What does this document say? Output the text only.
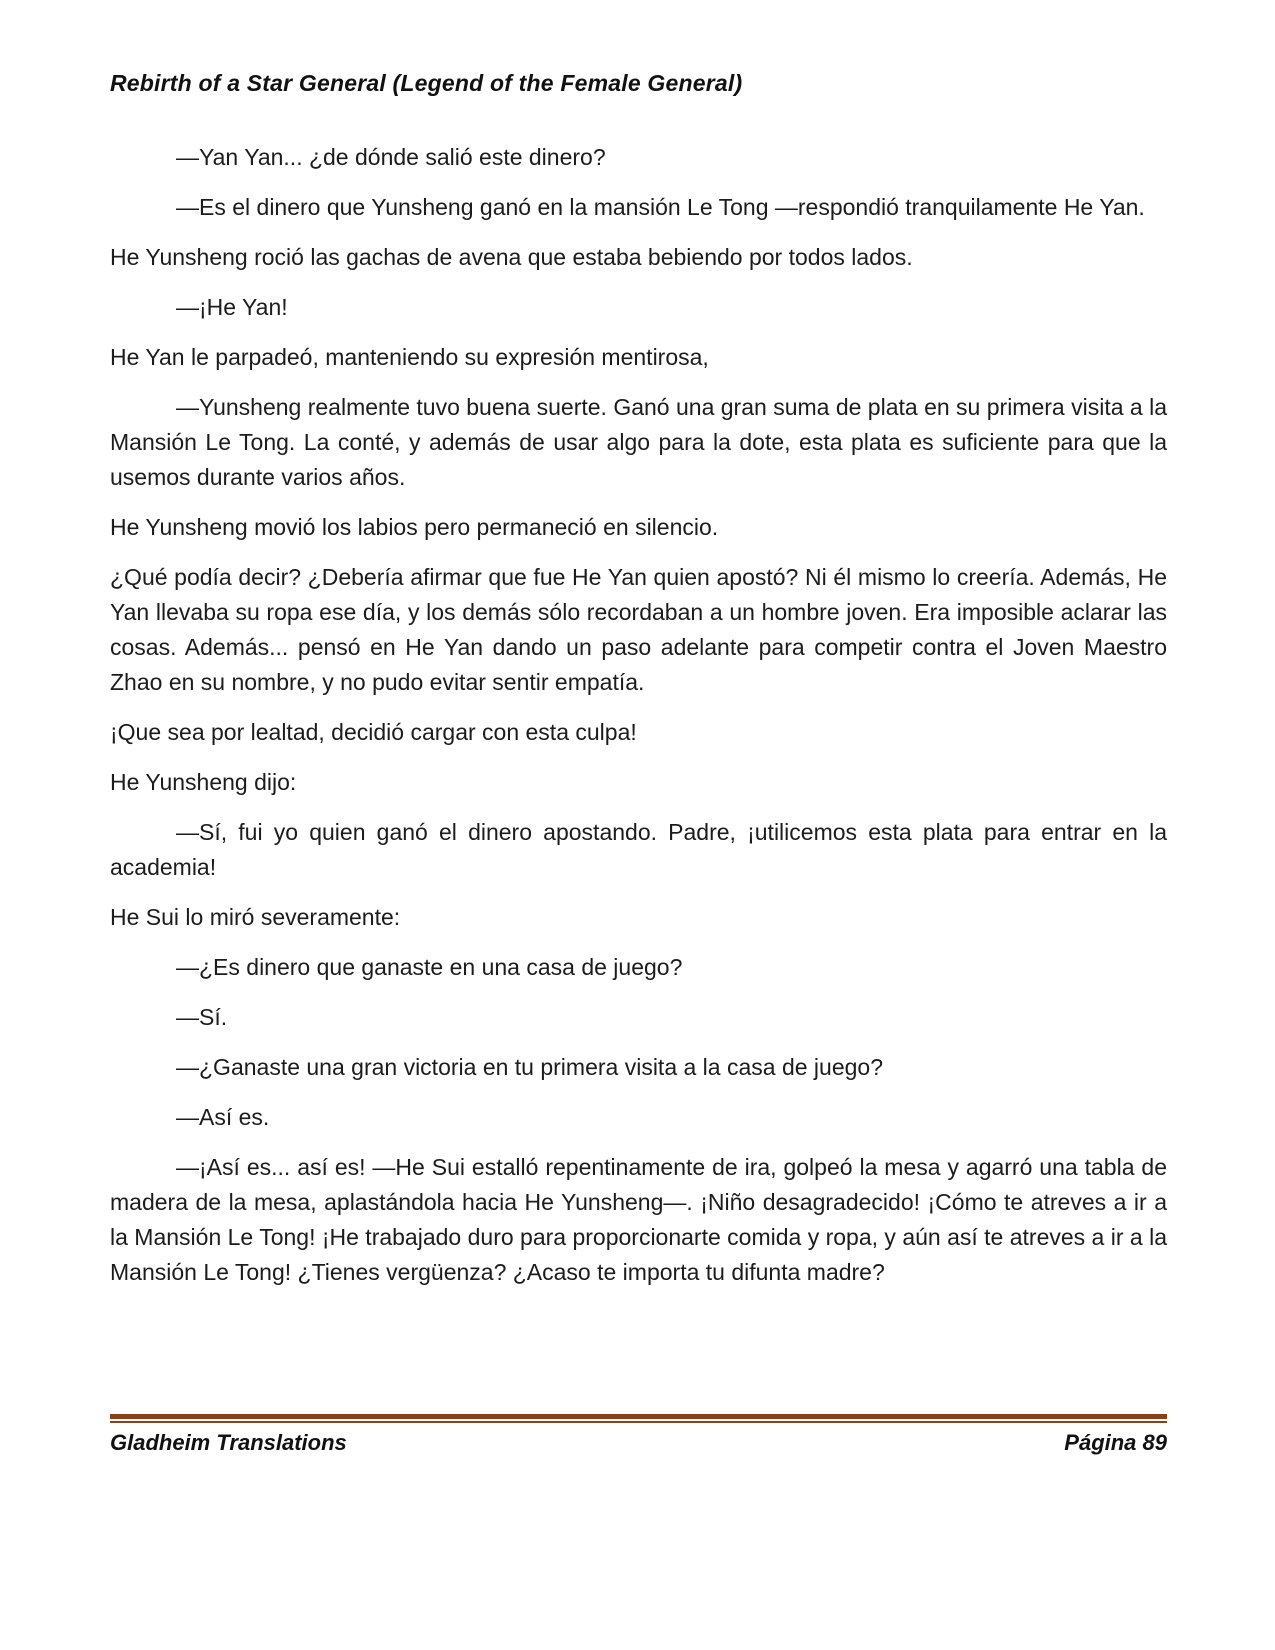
Rebirth of a Star General (Legend of the Female General)

—Yan Yan... ¿de dónde salió este dinero?

—Es el dinero que Yunsheng ganó en la mansión Le Tong —respondió tranquilamente He Yan.

He Yunsheng roció las gachas de avena que estaba bebiendo por todos lados.

—¡He Yan!

He Yan le parpadeó, manteniendo su expresión mentirosa,

—Yunsheng realmente tuvo buena suerte. Ganó una gran suma de plata en su primera visita a la Mansión Le Tong. La conté, y además de usar algo para la dote, esta plata es suficiente para que la usemos durante varios años.

He Yunsheng movió los labios pero permaneció en silencio.

¿Qué podía decir? ¿Debería afirmar que fue He Yan quien apostó? Ni él mismo lo creería. Además, He Yan llevaba su ropa ese día, y los demás sólo recordaban a un hombre joven. Era imposible aclarar las cosas. Además... pensó en He Yan dando un paso adelante para competir contra el Joven Maestro Zhao en su nombre, y no pudo evitar sentir empatía.

¡Que sea por lealtad, decidió cargar con esta culpa!

He Yunsheng dijo:

—Sí, fui yo quien ganó el dinero apostando. Padre, ¡utilicemos esta plata para entrar en la academia!

He Sui lo miró severamente:

—¿Es dinero que ganaste en una casa de juego?

—Sí.

—¿Ganaste una gran victoria en tu primera visita a la casa de juego?

—Así es.

—¡Así es... así es! —He Sui estalló repentinamente de ira, golpeó la mesa y agarró una tabla de madera de la mesa, aplastándola hacia He Yunsheng—. ¡Niño desagradecido! ¡Cómo te atreves a ir a la Mansión Le Tong! ¡He trabajado duro para proporcionarte comida y ropa, y aún así te atreves a ir a la Mansión Le Tong! ¿Tienes vergüenza? ¿Acaso te importa tu difunta madre?

Gladheim Translations	Página 89
